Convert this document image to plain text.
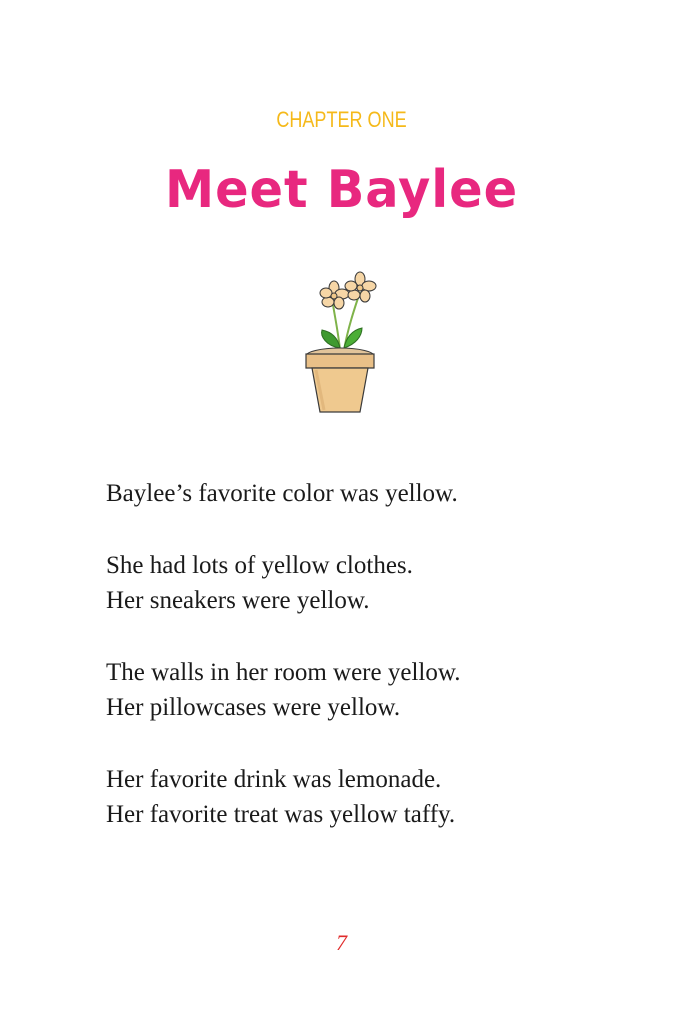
CHAPTER ONE
Meet Baylee
Baylee’s favorite color was yellow.
She had lots of yellow clothes.
Her sneakers were yellow.
The walls in her room were yellow.
Her pillowcases were yellow.
Her favorite drink was lemonade.
Her favorite treat was yellow taffy.
7
